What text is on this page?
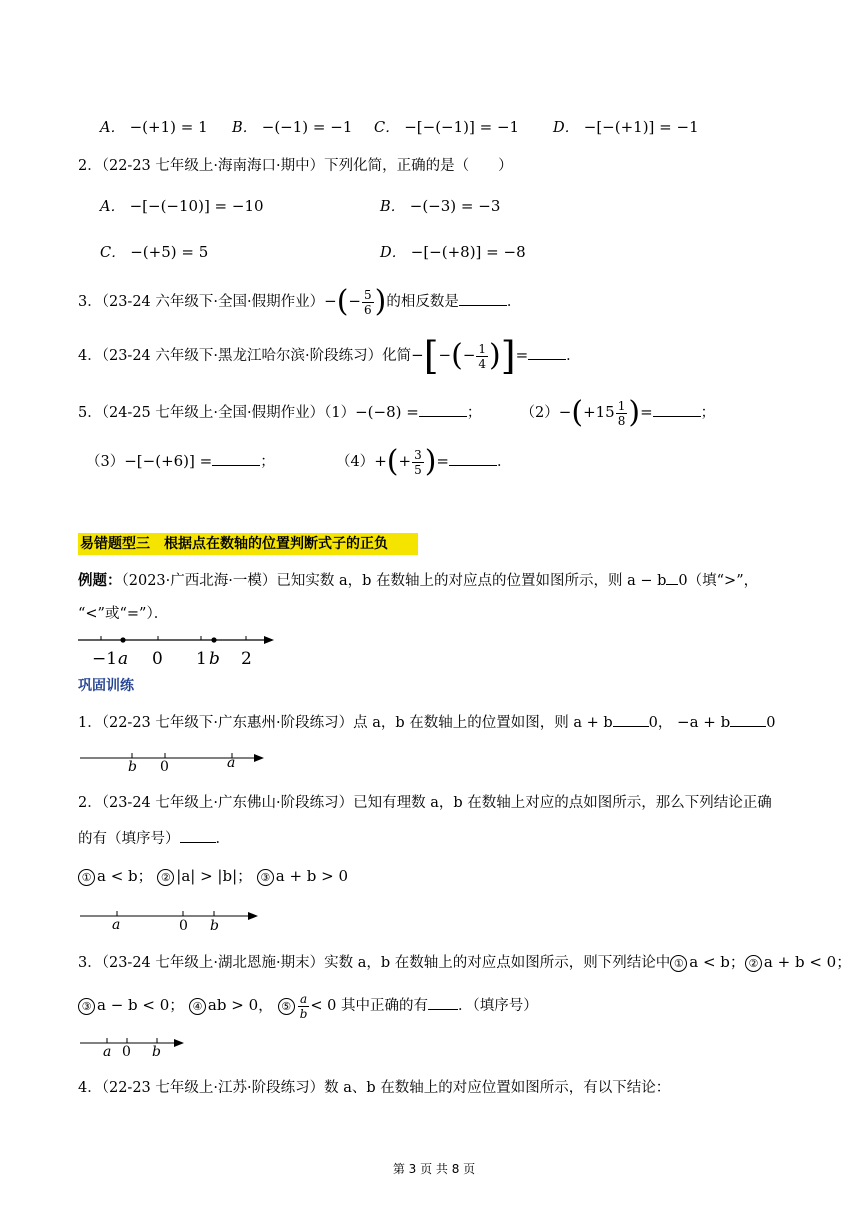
A． −(+1) = 1 B． −(−1) = −1 C． −[−(−1)] = −1 D． −[−(+1)] = −1
2．（22-23 七年级上·海南海口·期中）下列化简，正确的是（　　）
A． −[−(−10)] = −10	B． −(−3) = −3
C． −(+5) = 5	D． −[−(+8)] = −8
3．（23-24 六年级下·全国·假期作业）−(− $\frac{5}{6}$ )的相反数是	．
4．（23-24 六年级下·黑龙江哈尔滨·阶段练习）化简−[−(− $\frac{1}{4}$ )]=	．
5．（24-25 七年级上·全国·假期作业）（1）−(−8) =	；  $(2)-(+15 \frac{1}{8}$ )=	；
（3）−[−(+6)] =	；	$(4)+(+ \frac{3}{5}$ )=	．
易错题型三　根据点在数轴的位置判断式子的正负
例题：（2023·广西北海·一模）已知实数 a，b 在数轴上的对应点的位置如图所示，则 a − b 0（填“>”，
“<”或“=”）．
−1 a 0 1 b 2
巩固训练
1．（22-23 七年级下·广东惠州·阶段练习）点 a，b 在数轴上的位置如图，则 a + b 0， −a + b 0
b 0	a
2．（23-24 七年级上·广东佛山·阶段练习）已知有理数 a，b 在数轴上对应的点如图所示，那么下列结论正确
的有（填序号） ．
① a < b； ② |a| > |b|； ③ a + b > 0
a	0 b
3．（23-24 七年级上·湖北恩施·期末）实数 a，b 在数轴上的对应点如图所示，则下列结论中 ① a < b； ② a + b < 0；
③ a − b < 0； ④ ab > 0， ⑤ $\frac{a}{b} < 0$ 其中正确的有 ．（填序号）
a 0 b
4．（22-23 七年级上·江苏·阶段练习）数 a、b 在数轴上的对应位置如图所示，有以下结论：
第 3 页 共 8 页
